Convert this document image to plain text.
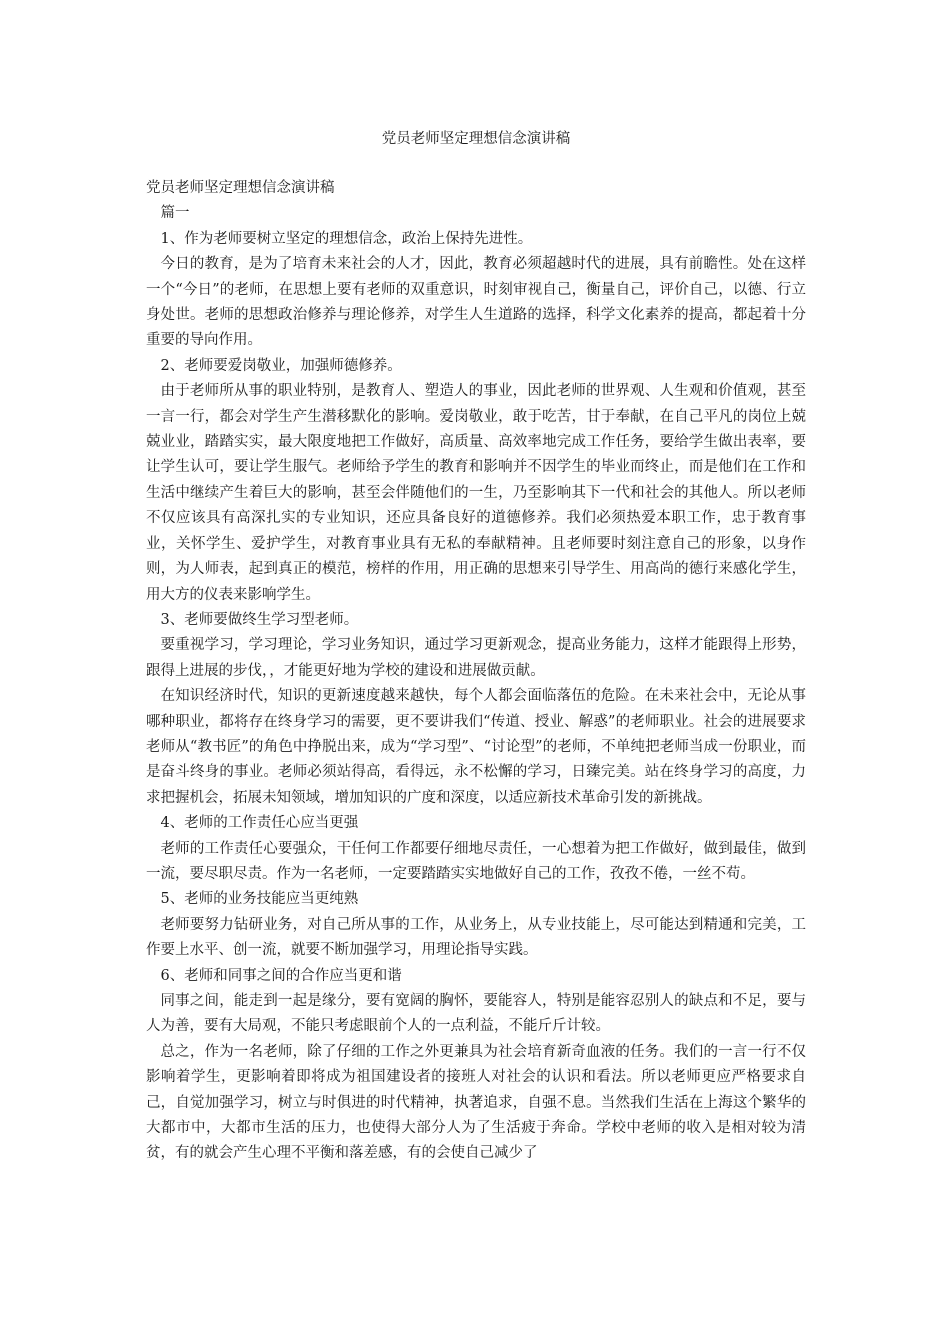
党员老师坚定理想信念演讲稿

党员老师坚定理想信念演讲稿

篇一

1、作为老师要树立坚定的理想信念，政治上保持先进性。

今日的教育，是为了培育未来社会的人才，因此，教育必须超越时代的进展，具有前瞻性。处在这样一个“今日”的老师，在思想上要有老师的双重意识，时刻审视自己，衡量自己，评价自己，以德、行立身处世。老师的思想政治修养与理论修养，对学生人生道路的选择，科学文化素养的提高，都起着十分重要的导向作用。

2、老师要爱岗敬业，加强师德修养。

由于老师所从事的职业特别，是教育人、塑造人的事业，因此老师的世界观、人生观和价值观，甚至一言一行，都会对学生产生潜移默化的影响。爱岗敬业，敢于吃苦，甘于奉献，在自己平凡的岗位上兢兢业业，踏踏实实，最大限度地把工作做好，高质量、高效率地完成工作任务，要给学生做出表率，要让学生认可，要让学生服气。老师给予学生的教育和影响并不因学生的毕业而终止，而是他们在工作和生活中继续产生着巨大的影响，甚至会伴随他们的一生，乃至影响其下一代和社会的其他人。所以老师不仅应该具有高深扎实的专业知识，还应具备良好的道德修养。我们必须热爱本职工作，忠于教育事业，关怀学生、爱护学生，对教育事业具有无私的奉献精神。且老师要时刻注意自己的形象，以身作则，为人师表，起到真正的模范，榜样的作用，用正确的思想来引导学生、用高尚的德行来感化学生，用大方的仪表来影响学生。

3、老师要做终生学习型老师。

要重视学习，学习理论，学习业务知识，通过学习更新观念，提高业务能力，这样才能跟得上形势，跟得上进展的步伐，，才能更好地为学校的建设和进展做贡献。

在知识经济时代，知识的更新速度越来越快，每个人都会面临落伍的危险。在未来社会中，无论从事哪种职业，都将存在终身学习的需要，更不要讲我们“传道、授业、解惑”的老师职业。社会的进展要求老师从“教书匠”的角色中挣脱出来，成为“学习型”、“讨论型”的老师，不单纯把老师当成一份职业，而是奋斗终身的事业。老师必须站得高，看得远，永不松懈的学习，日臻完美。站在终身学习的高度，力求把握机会，拓展未知领域，增加知识的广度和深度，以适应新技术革命引发的新挑战。

4、老师的工作责任心应当更强

老师的工作责任心要强众，干任何工作都要仔细地尽责任，一心想着为把工作做好，做到最佳，做到一流，要尽职尽责。作为一名老师，一定要踏踏实实地做好自己的工作，孜孜不倦，一丝不苟。

5、老师的业务技能应当更纯熟

老师要努力钻研业务，对自己所从事的工作，从业务上，从专业技能上，尽可能达到精通和完美，工作要上水平、创一流，就要不断加强学习，用理论指导实践。

6、老师和同事之间的合作应当更和谐

同事之间，能走到一起是缘分，要有宽阔的胸怀，要能容人，特别是能容忍别人的缺点和不足，要与人为善，要有大局观，不能只考虑眼前个人的一点利益，不能斤斤计较。

总之，作为一名老师，除了仔细的工作之外更兼具为社会培育新奇血液的任务。我们的一言一行不仅影响着学生，更影响着即将成为祖国建设者的接班人对社会的认识和看法。所以老师更应严格要求自己，自觉加强学习，树立与时俱进的时代精神，执著追求，自强不息。当然我们生活在上海这个繁华的大都市中，大都市生活的压力，也使得大部分人为了生活疲于奔命。学校中老师的收入是相对较为清贫，有的就会产生心理不平衡和落差感，有的会使自己减少了
